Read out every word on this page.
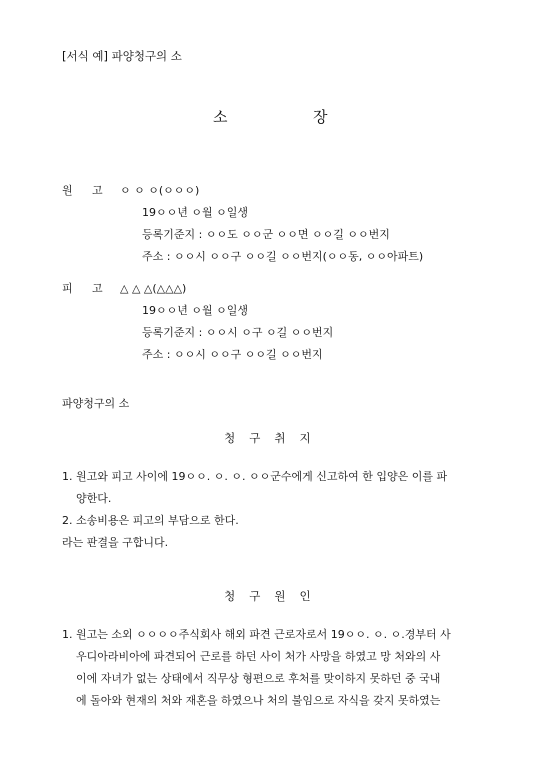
[서식 예] 파양청구의 소
소	장
원 고 ㅇ ㅇ ㅇ(ㅇㅇㅇ)
19ㅇㅇ년 ㅇ월 ㅇ일생
등록기준지 : ㅇㅇ도 ㅇㅇ군 ㅇㅇ면 ㅇㅇ길 ㅇㅇ번지
주소 : ㅇㅇ시 ㅇㅇ구 ㅇㅇ길 ㅇㅇ번지(ㅇㅇ동, ㅇㅇ아파트)
피 고 △ △ △(△△△)
19ㅇㅇ년 ㅇ월 ㅇ일생
등록기준지 : ㅇㅇ시 ㅇ구 ㅇ길 ㅇㅇ번지
주소 : ㅇㅇ시 ㅇㅇ구 ㅇㅇ길 ㅇㅇ번지
파양청구의 소
청 구 취 지
1. 원고와 피고 사이에 19ㅇㅇ. ㅇ. ㅇ. ㅇㅇ군수에게 신고하여 한 입양은 이를 파
양한다.
2. 소송비용은 피고의 부담으로 한다.
라는 판결을 구합니다.
청 구 원 인
1. 원고는 소외 ㅇㅇㅇㅇ주식회사 해외 파견 근로자로서 19ㅇㅇ. ㅇ. ㅇ.경부터 사
우디아라비아에 파견되어 근로를 하던 사이 처가 사망을 하였고 망 처와의 사
이에 자녀가 없는 상태에서 직무상 형편으로 후처를 맞이하지 못하던 중 국내
에 돌아와 현재의 처와 재혼을 하였으나 처의 불임으로 자식을 갖지 못하였는
